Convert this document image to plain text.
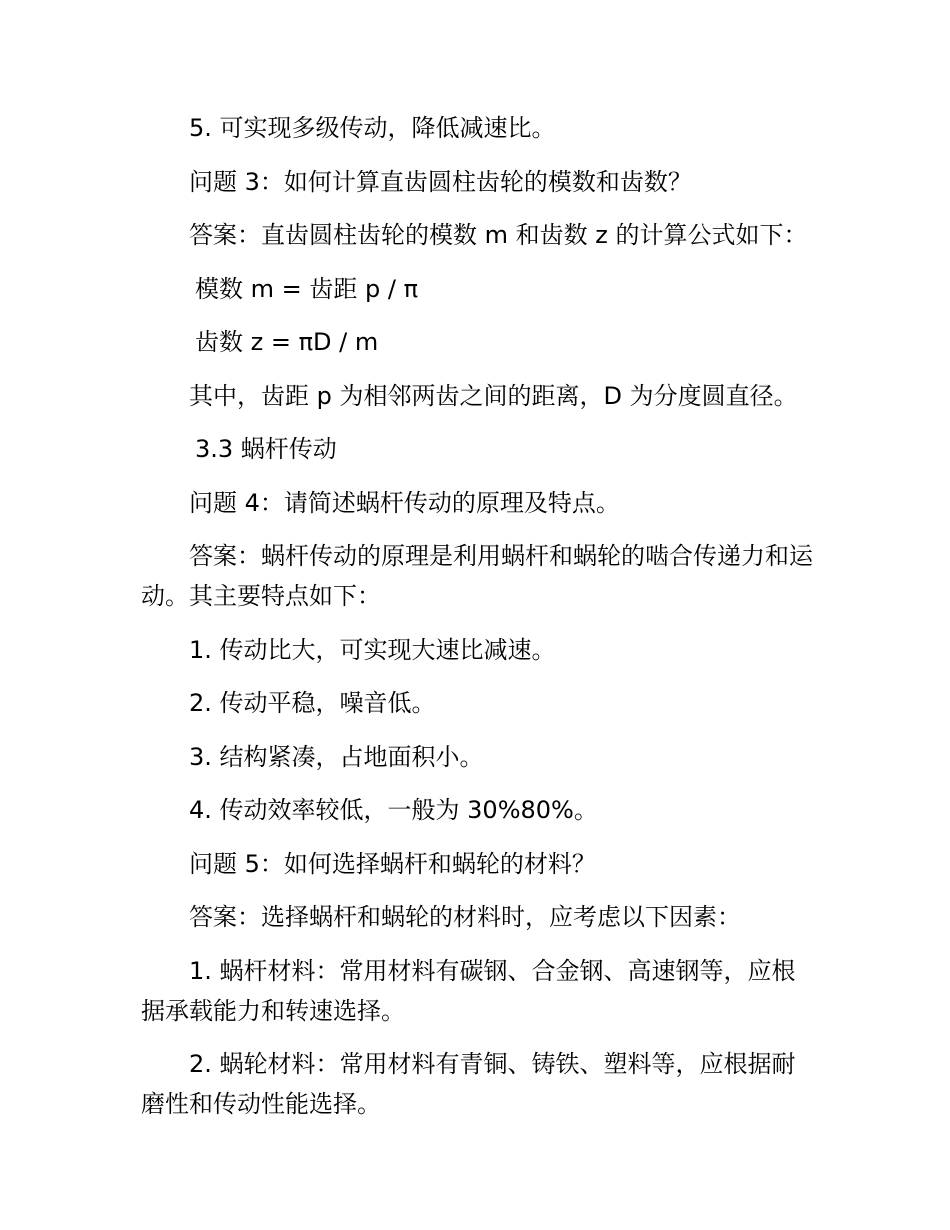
5. 可实现多级传动，降低减速比。

问题 3：如何计算直齿圆柱齿轮的模数和齿数？

答案：直齿圆柱齿轮的模数 m 和齿数 z 的计算公式如下：

模数 m = 齿距 p / π

齿数 z = πD / m

其中，齿距 p 为相邻两齿之间的距离，D 为分度圆直径。

3.3 蜗杆传动

问题 4：请简述蜗杆传动的原理及特点。

答案：蜗杆传动的原理是利用蜗杆和蜗轮的啮合传递力和运动。其主要特点如下：

1. 传动比大，可实现大速比减速。

2. 传动平稳，噪音低。

3. 结构紧凑，占地面积小。

4. 传动效率较低，一般为 30%80%。

问题 5：如何选择蜗杆和蜗轮的材料？

答案：选择蜗杆和蜗轮的材料时，应考虑以下因素：

1. 蜗杆材料：常用材料有碳钢、合金钢、高速钢等，应根据承载能力和转速选择。

2. 蜗轮材料：常用材料有青铜、铸铁、塑料等，应根据耐磨性和传动性能选择。
